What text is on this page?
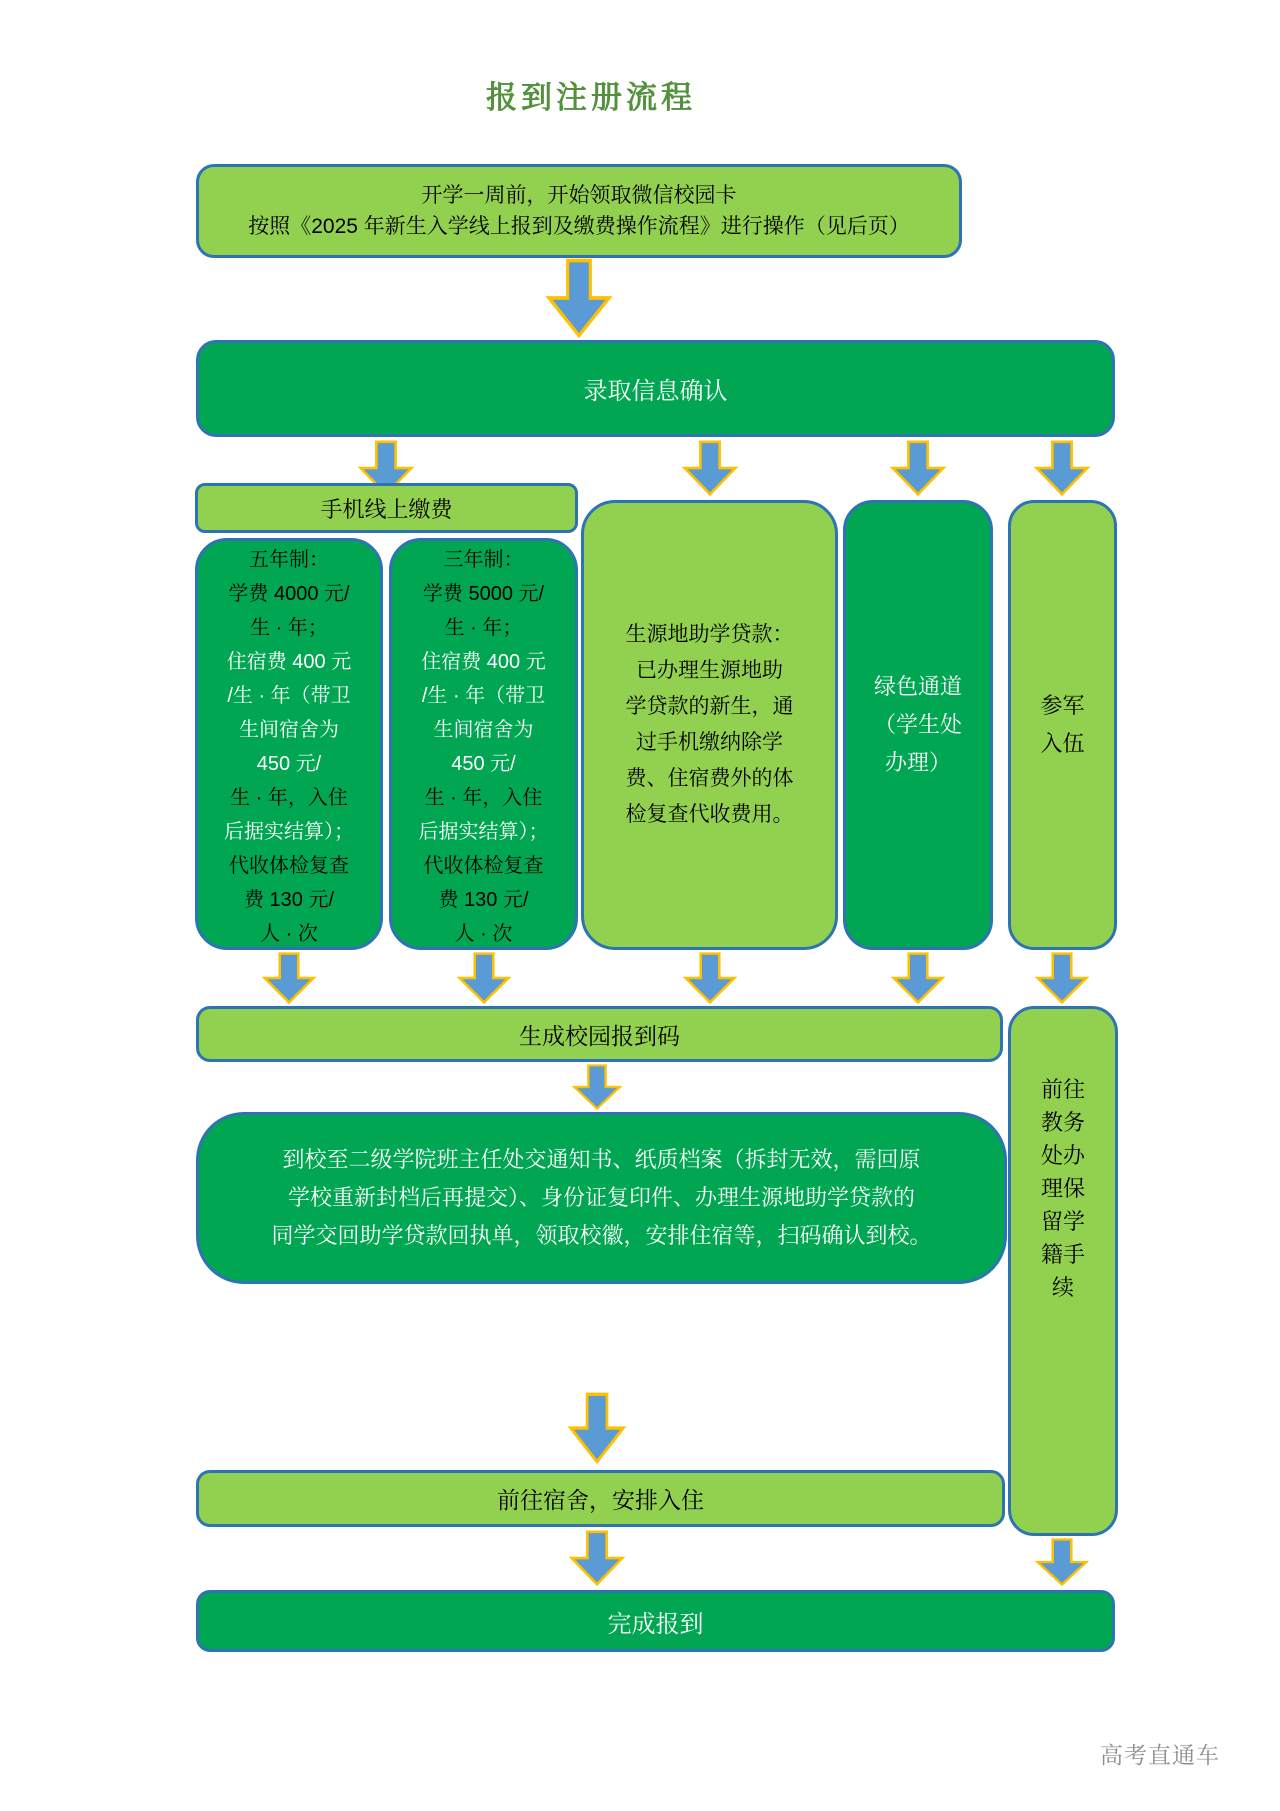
报到注册流程
开学一周前，开始领取微信校园卡
按照《2025 年新生入学线上报到及缴费操作流程》进行操作（见后页）
录取信息确认
手机线上缴费
五年制：
学费 4000 元/
生 · 年；
住宿费 400 元
/生 · 年（带卫
生间宿舍为
450 元/
生 · 年，入住
后据实结算）；
代收体检复查
费 130 元/
人 · 次
三年制：
学费 5000 元/
生 · 年；
住宿费 400 元
/生 · 年（带卫
生间宿舍为
450 元/
生 · 年，入住
后据实结算）；
代收体检复查
费 130 元/
人 · 次
生源地助学贷款：
已办理生源地助
学贷款的新生，通
过手机缴纳除学
费、住宿费外的体
检复查代收费用。
绿色通道
（学生处
办理）
参军
入伍
生成校园报到码
前往
教务
处办
理保
留学
籍手
续
到校至二级学院班主任处交通知书、纸质档案（拆封无效，需回原
学校重新封档后再提交）、身份证复印件、办理生源地助学贷款的
同学交回助学贷款回执单，领取校徽，安排住宿等，扫码确认到校。
前往宿舍，安排入住
完成报到
高考直通车
